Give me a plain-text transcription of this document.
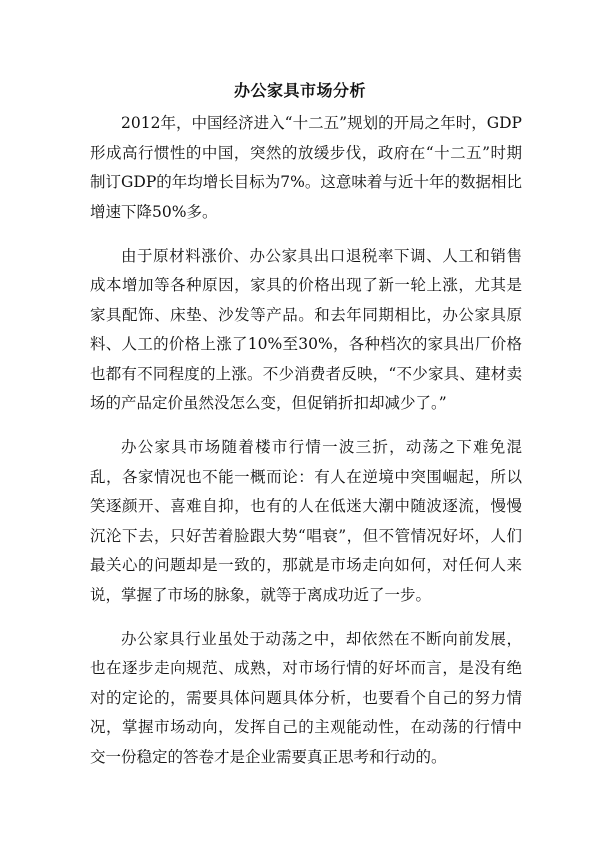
办公家具市场分析

2012年，中国经济进入“十二五”规划的开局之年时，GDP形成高行惯性的中国，突然的放缓步伐，政府在“十二五”时期制订GDP的年均增长目标为7%。这意味着与近十年的数据相比增速下降50%多。

由于原材料涨价、办公家具出口退税率下调、人工和销售成本增加等各种原因，家具的价格出现了新一轮上涨，尤其是家具配饰、床垫、沙发等产品。和去年同期相比，办公家具原料、人工的价格上涨了10%至30%，各种档次的家具出厂价格也都有不同程度的上涨。不少消费者反映，“不少家具、建材卖场的产品定价虽然没怎么变，但促销折扣却减少了。”

办公家具市场随着楼市行情一波三折，动荡之下难免混乱，各家情况也不能一概而论：有人在逆境中突围崛起，所以笑逐颜开、喜难自抑，也有的人在低迷大潮中随波逐流，慢慢沉沦下去，只好苦着脸跟大势“唱衰”，但不管情况好坏，人们最关心的问题却是一致的，那就是市场走向如何，对任何人来说，掌握了市场的脉象，就等于离成功近了一步。

办公家具行业虽处于动荡之中，却依然在不断向前发展，也在逐步走向规范、成熟，对市场行情的好坏而言，是没有绝对的定论的，需要具体问题具体分析，也要看个自己的努力情况，掌握市场动向，发挥自己的主观能动性，在动荡的行情中交一份稳定的答卷才是企业需要真正思考和行动的。
